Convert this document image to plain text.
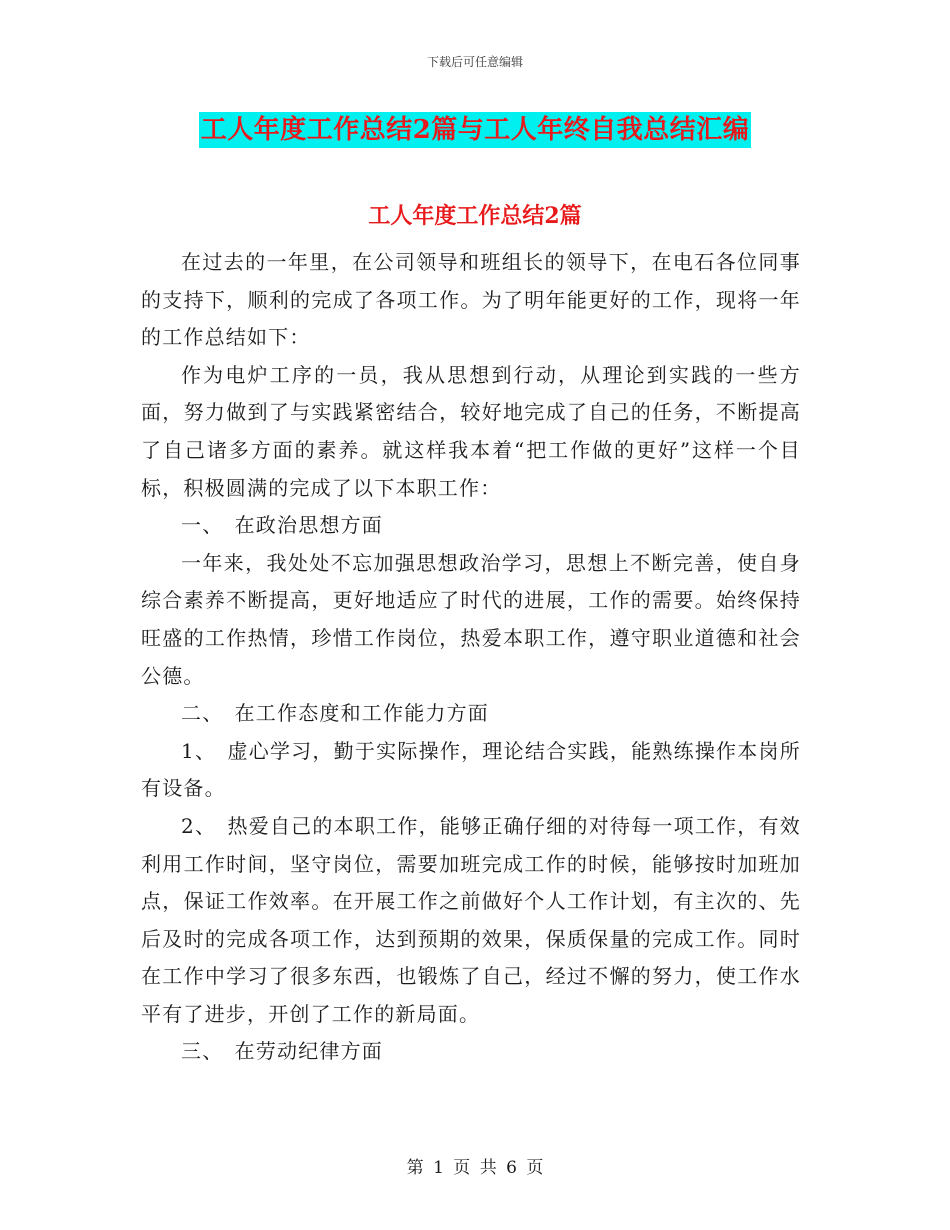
下载后可任意编辑
工人年度工作总结2篇与工人年终自我总结汇编
工人年度工作总结2篇

在过去的一年里，在公司领导和班组长的领导下，在电石各位同事的支持下，顺利的完成了各项工作。为了明年能更好的工作，现将一年的工作总结如下：

作为电炉工序的一员，我从思想到行动，从理论到实践的一些方面，努力做到了与实践紧密结合，较好地完成了自己的任务，不断提高了自己诸多方面的素养。就这样我本着“把工作做的更好”这样一个目标，积极圆满的完成了以下本职工作：

一、　在政治思想方面

一年来，我处处不忘加强思想政治学习，思想上不断完善，使自身综合素养不断提高，更好地适应了时代的进展，工作的需要。始终保持旺盛的工作热情，珍惜工作岗位，热爱本职工作，遵守职业道德和社会公德。

二、　在工作态度和工作能力方面

1、　虚心学习，勤于实际操作，理论结合实践，能熟练操作本岗所有设备。

2、　热爱自己的本职工作，能够正确仔细的对待每一项工作，有效利用工作时间，坚守岗位，需要加班完成工作的时候，能够按时加班加点，保证工作效率。在开展工作之前做好个人工作计划，有主次的、先后及时的完成各项工作，达到预期的效果，保质保量的完成工作。同时在工作中学习了很多东西，也锻炼了自己，经过不懈的努力，使工作水平有了进步，开创了工作的新局面。

三、　在劳动纪律方面

第 1 页 共 6 页
